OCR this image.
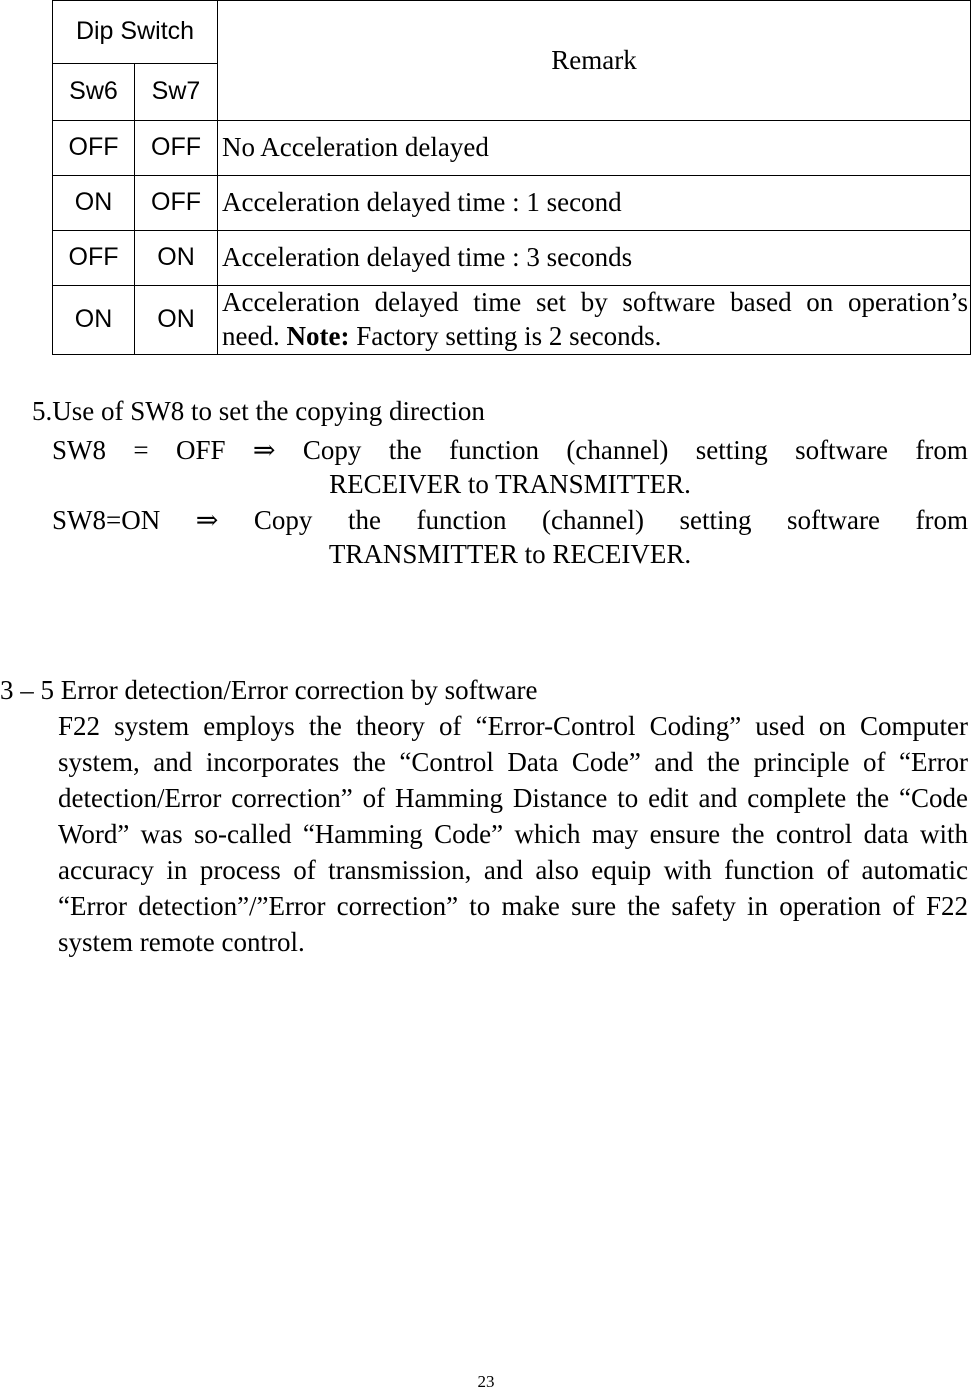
Dip Switch		Remark
Sw6	Sw7	
OFF	OFF	No Acceleration delayed
ON	OFF	Acceleration delayed time : 1 second
OFF	ON	Acceleration delayed time : 3 seconds
ON	ON	Acceleration delayed time set by software based on operation’s need. Note: Factory setting is 2 seconds.
5.Use of SW8 to set the copying direction
SW8 = OFF ⇒ Copy the function (channel) setting software from
RECEIVER to TRANSMITTER.
SW8=ON ⇒ Copy the function (channel) setting software from
TRANSMITTER to RECEIVER.
3 – 5 Error detection/Error correction by software
F22 system employs the theory of “Error-Control Coding” used on Computer system, and incorporates the “Control Data Code” and the principle of “Error detection/Error correction” of Hamming Distance to edit and complete the “Code Word” was so-called “Hamming Code” which may ensure the control data with accuracy in process of transmission, and also equip with function of automatic “Error detection”/”Error correction” to make sure the safety in operation of F22 system remote control.
23
